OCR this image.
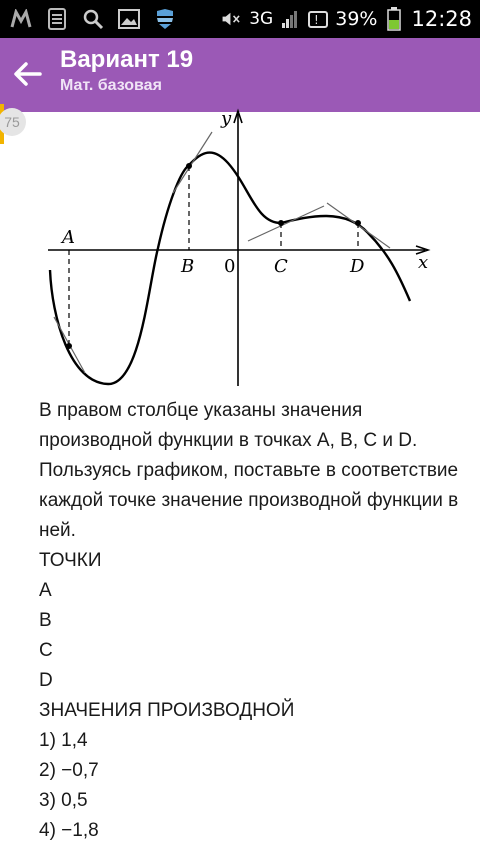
3G	! 39% 12:28
Вариант 19
Мат. базовая
75	y
x
A
B 0 C	D
В правом столбце указаны значения производной функции в точках A, B, C и D. Пользуясь графиком, поставьте в соответствие каждой точке значение производной функции в ней.
ТОЧКИ
A
B
C
D
ЗНАЧЕНИЯ ПРОИЗВОДНОЙ
1) 1,4
2) −0,7
3) 0,5
4) −1,8
